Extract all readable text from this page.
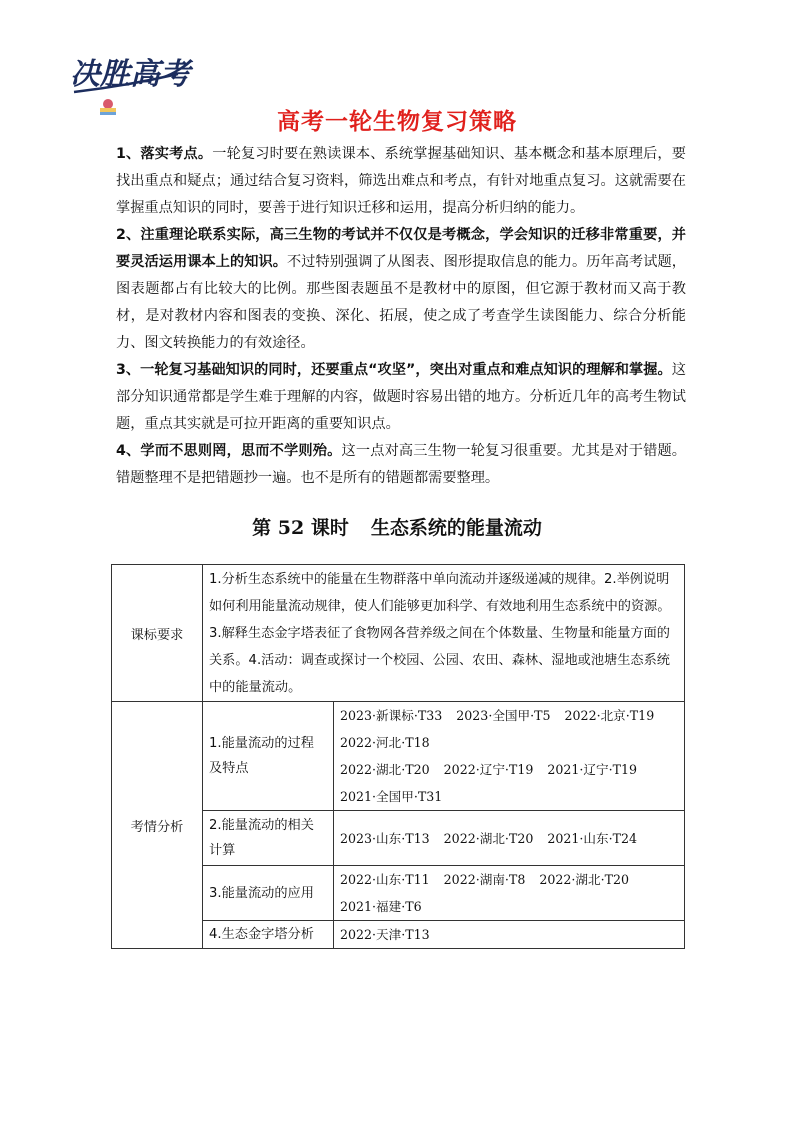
决胜高考
高考一轮生物复习策略

1、落实考点。一轮复习时要在熟读课本、系统掌握基础知识、基本概念和基本原理后，要找出重点和疑点；通过结合复习资料，筛选出难点和考点，有针对地重点复习。这就需要在掌握重点知识的同时，要善于进行知识迁移和运用，提高分析归纳的能力。

2、注重理论联系实际，高三生物的考试并不仅仅是考概念，学会知识的迁移非常重要，并要灵活运用课本上的知识。不过特别强调了从图表、图形提取信息的能力。历年高考试题，图表题都占有比较大的比例。那些图表题虽不是教材中的原图，但它源于教材而又高于教材，是对教材内容和图表的变换、深化、拓展，使之成了考查学生读图能力、综合分析能力、图文转换能力的有效途径。

3、一轮复习基础知识的同时，还要重点“攻坚”，突出对重点和难点知识的理解和掌握。这部分知识通常都是学生难于理解的内容，做题时容易出错的地方。分析近几年的高考生物试题，重点其实就是可拉开距离的重要知识点。

4、学而不思则罔，思而不学则殆。这一点对高三生物一轮复习很重要。尤其是对于错题。错题整理不是把错题抄一遍。也不是所有的错题都需要整理。

第 52 课时 生态系统的能量流动
课标要求	1.分析生态系统中的能量在生物群落中单向流动并逐级递减的规律。2.举例说明如何利用能量流动规律，使人们能够更加科学、有效地利用生态系统中的资源。3.解释生态金字塔表征了食物网各营养级之间在个体数量、生物量和能量方面的关系。4.活动：调查或探讨一个校园、公园、农田、森林、湿地或池塘生态系统中的能量流动。	
考情分析	1.能量流动的过程及特点	2023·新课标·T33 2023·全国甲·T5 2022·北京·T19
2022·河北·T18
2022·湖北·T20 2022·辽宁·T19 2021·辽宁·T19
2021·全国甲·T31

	2.能量流动的相关计算	2023·山东·T13 2022·湖北·T20 2021·山东·T24

	3.能量流动的应用	2022·山东·T11 2022·湖南·T8 2022·湖北·T20
2021·福建·T6

	4.生态金字塔分析	2022·天津·T13
